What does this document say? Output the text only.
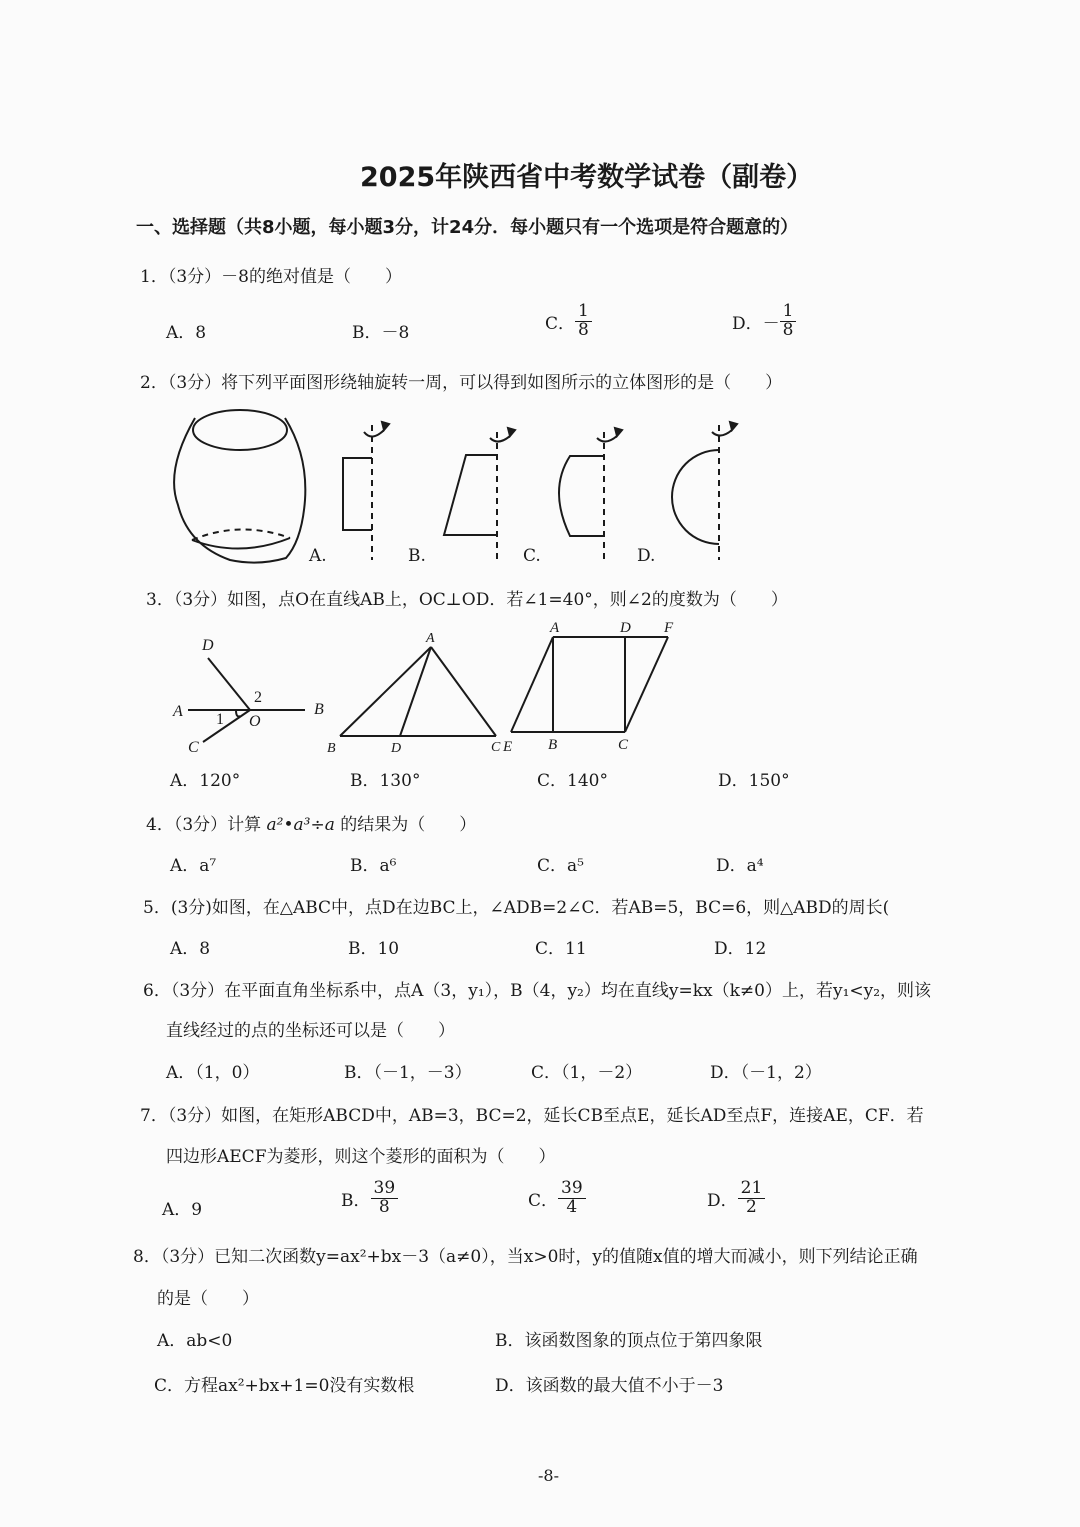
2025年陕西省中考数学试卷（副卷）
一、选择题（共8小题，每小题3分，计24分．每小题只有一个选项是符合题意的）
1．（3分）－8的绝对值是（　　）
A．8	B．－8	C． $\frac{1}{8}$	D．－ $\frac{1}{8}$
2．（3分）将下列平面图形绕轴旋转一周，可以得到如图所示的立体图形的是（　　）
A.	B.	C.	D.
3．（3分）如图，点O在直线AB上，OC⊥OD．若∠1=40°，则∠2的度数为（　　）
D
A	B
C
O
1
2
A
B	D	C
A	D F
E B	C
A．120°	B．130°	C．140°	D．150°
4．（3分）计算 a²•a³÷a 的结果为（　　）
A．a⁷	B．a⁶	C．a⁵	D．a⁴
5．(3分)如图，在△ABC中，点D在边BC上，∠ADB=2∠C．若AB=5，BC=6，则△ABD的周长(
A．8	B．10	C．11	D．12
6．（3分）在平面直角坐标系中，点A（3，y₁），B（4，y₂）均在直线y=kx（k≠0）上，若y₁<y₂，则该
直线经过的点的坐标还可以是（　　）
A．（1，0）	B．（－1，－3）	C．（1，－2）	D．（－1，2）
7．（3分）如图，在矩形ABCD中，AB=3，BC=2，延长CB至点E，延长AD至点F，连接AE，CF．若
四边形AECF为菱形，则这个菱形的面积为（　　）
A．9	B． $\frac{39}{8}$	C． $\frac{39}{4}$	D． $\frac{21}{2}$
8．（3分）已知二次函数y=ax²+bx－3（a≠0），当x>0时，y的值随x值的增大而减小，则下列结论正确
的是（　　）
A．ab<0	B．该函数图象的顶点位于第四象限
C．方程ax²+bx+1=0没有实数根	D．该函数的最大值不小于－3
-8-
